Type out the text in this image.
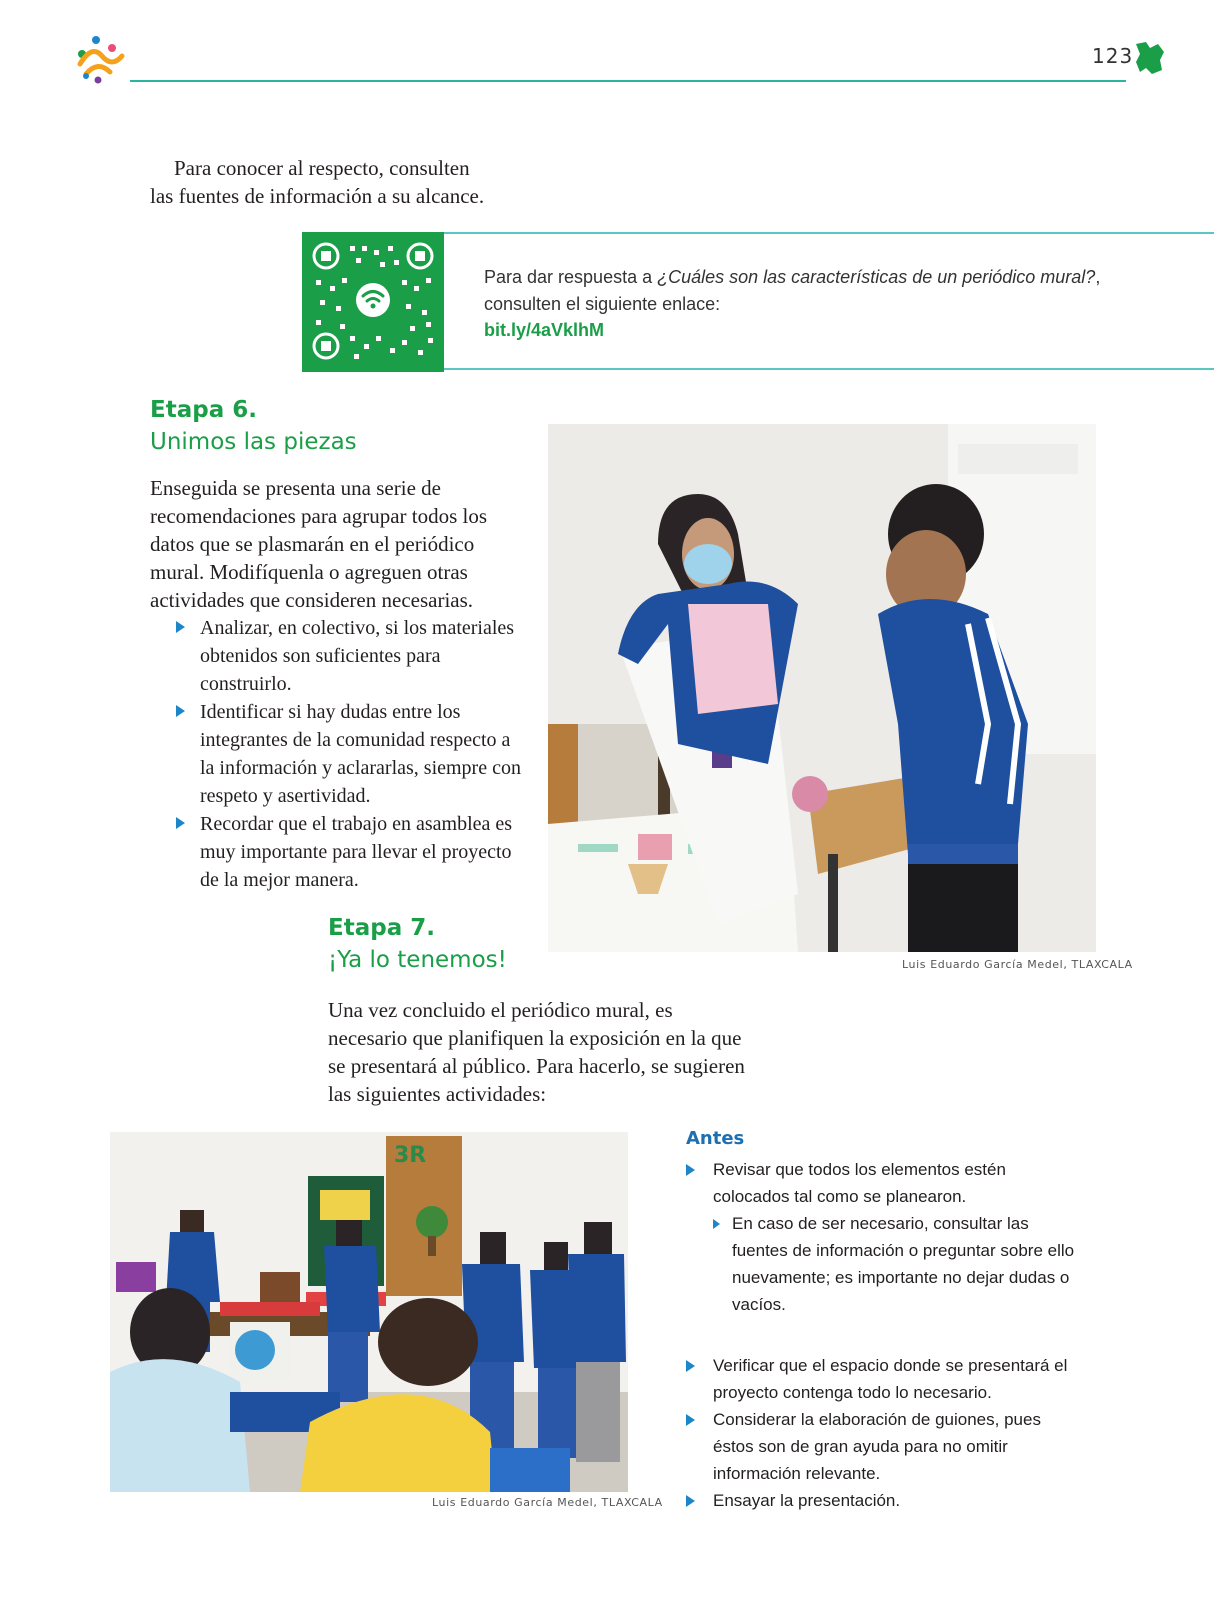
123
Para conocer al respecto, consulten
las fuentes de información a su alcance.
Para dar respuesta a ¿Cuáles son las características de un periódico mural?, consulten el siguiente enlace:
bit.ly/4aVklhM
Etapa 6.
Unimos las piezas

Enseguida se presenta una serie de recomendaciones para agrupar todos los datos que se plasmarán en el periódico mural. Modifíquenla o agreguen otras actividades que consideren necesarias.

Analizar, en colectivo, si los materiales obtenidos son suficientes para construirlo.
Identificar si hay dudas entre los integrantes de la comunidad respecto a la información y aclararlas, siempre con respeto y asertividad.
Recordar que el trabajo en asamblea es muy importante para llevar el proyecto de la mejor manera.
Luis Eduardo García Medel, TLAXCALA
Etapa 7.
¡Ya lo tenemos!

Una vez concluido el periódico mural, es necesario que planifiquen la exposición en la que se presentará al público. Para hacerlo, se sugieren las siguientes actividades:

3R
Luis Eduardo García Medel, TLAXCALA
Antes
Revisar que todos los elementos estén colocados tal como se planearon.
En caso de ser necesario, consultar las fuentes de información o preguntar sobre ello nuevamente; es importante no dejar dudas o vacíos.
Verificar que el espacio donde se presentará el proyecto contenga todo lo necesario.
Considerar la elaboración de guiones, pues éstos son de gran ayuda para no omitir información relevante.
Ensayar la presentación.
